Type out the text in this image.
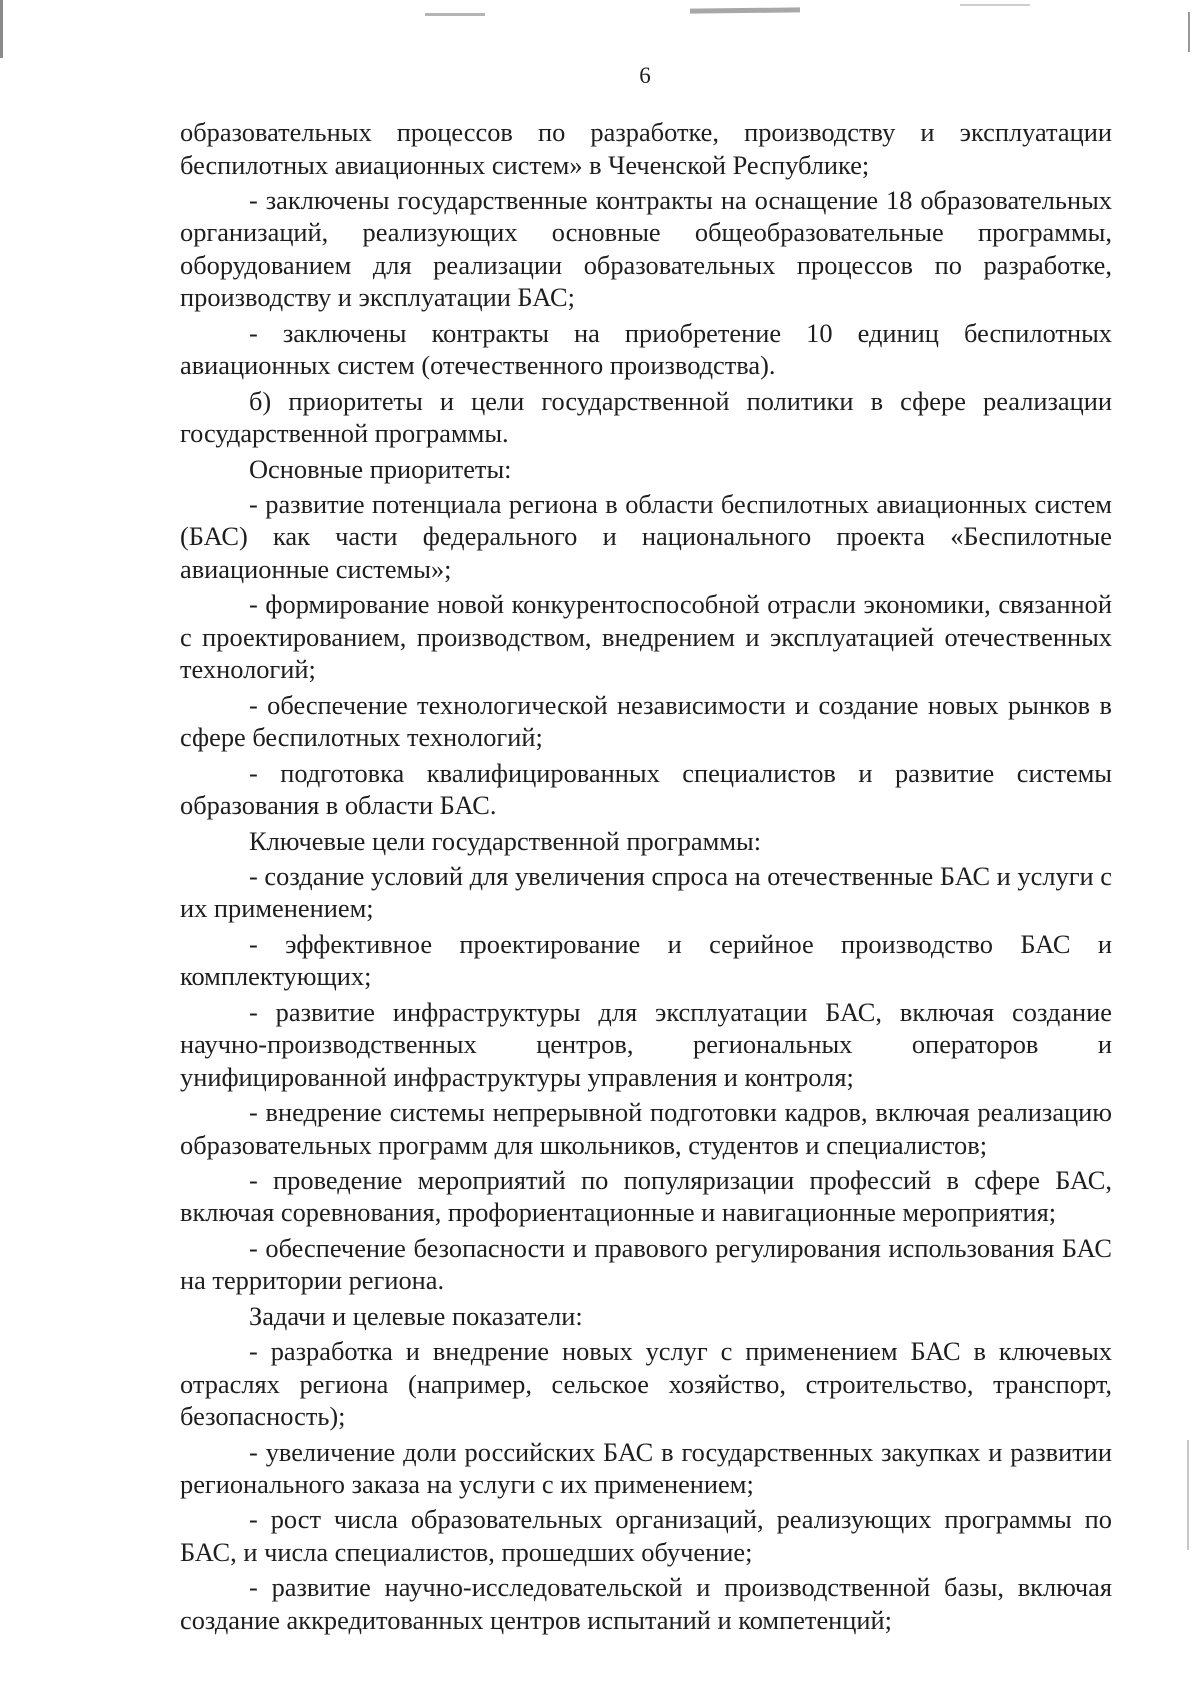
6

образовательных процессов по разработке, производству и эксплуатации беспилотных авиационных систем» в Чеченской Республике;

- заключены государственные контракты на оснащение 18 образовательных организаций, реализующих основные общеобразовательные программы, оборудованием для реализации образовательных процессов по разработке, производству и эксплуатации БАС;

- заключены контракты на приобретение 10 единиц беспилотных авиационных систем (отечественного производства).

б) приоритеты и цели государственной политики в сфере реализации государственной программы.

Основные приоритеты:

- развитие потенциала региона в области беспилотных авиационных систем (БАС) как части федерального и национального проекта «Беспилотные авиационные системы»;

- формирование новой конкурентоспособной отрасли экономики, связанной с проектированием, производством, внедрением и эксплуатацией отечественных технологий;

- обеспечение технологической независимости и создание новых рынков в сфере беспилотных технологий;

- подготовка квалифицированных специалистов и развитие системы образования в области БАС.

Ключевые цели государственной программы:

- создание условий для увеличения спроса на отечественные БАС и услуги с их применением;

- эффективное проектирование и серийное производство БАС и комплектующих;

- развитие инфраструктуры для эксплуатации БАС, включая создание научно-производственных центров, региональных операторов и унифицированной инфраструктуры управления и контроля;

- внедрение системы непрерывной подготовки кадров, включая реализацию образовательных программ для школьников, студентов и специалистов;

- проведение мероприятий по популяризации профессий в сфере БАС, включая соревнования, профориентационные и навигационные мероприятия;

- обеспечение безопасности и правового регулирования использования БАС на территории региона.

Задачи и целевые показатели:

- разработка и внедрение новых услуг с применением БАС в ключевых отраслях региона (например, сельское хозяйство, строительство, транспорт, безопасность);

- увеличение доли российских БАС в государственных закупках и развитии регионального заказа на услуги с их применением;

- рост числа образовательных организаций, реализующих программы по БАС, и числа специалистов, прошедших обучение;

- развитие научно-исследовательской и производственной базы, включая создание аккредитованных центров испытаний и компетенций;
